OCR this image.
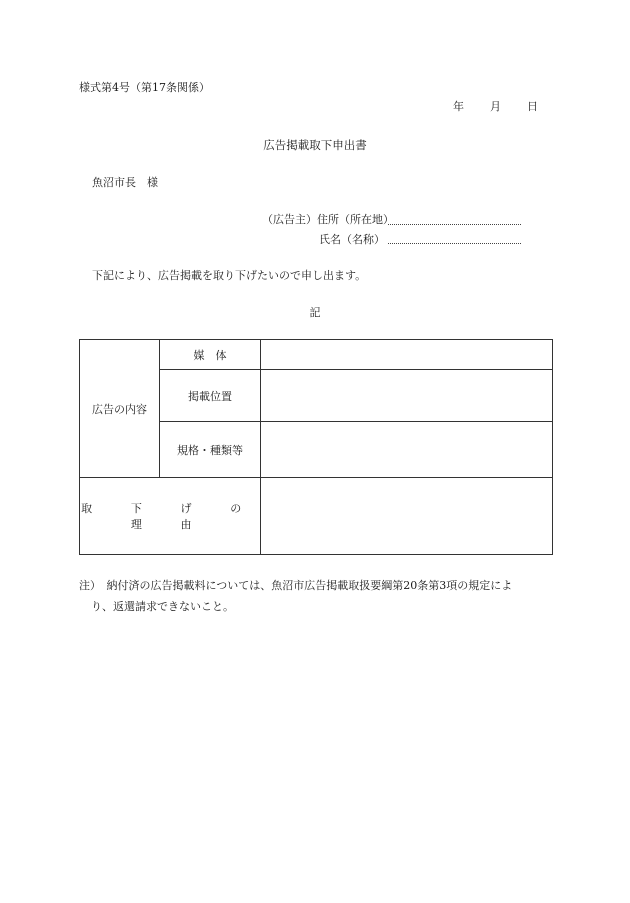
様式第4号（第17条関係）
年 月 日
広告掲載取下申出書
魚沼市長　様
（広告主）住所（所在地）
氏名（名称）
下記により、広告掲載を取り下げたいので申し出ます。
記
広告の内容	媒　体	
	掲載位置	
	規格・種類等	
取 下 げ の 理 由		
注）　納付済の広告掲載料については、魚沼市広告掲載取扱要綱第20条第3項の規定によ
り、返還請求できないこと。
